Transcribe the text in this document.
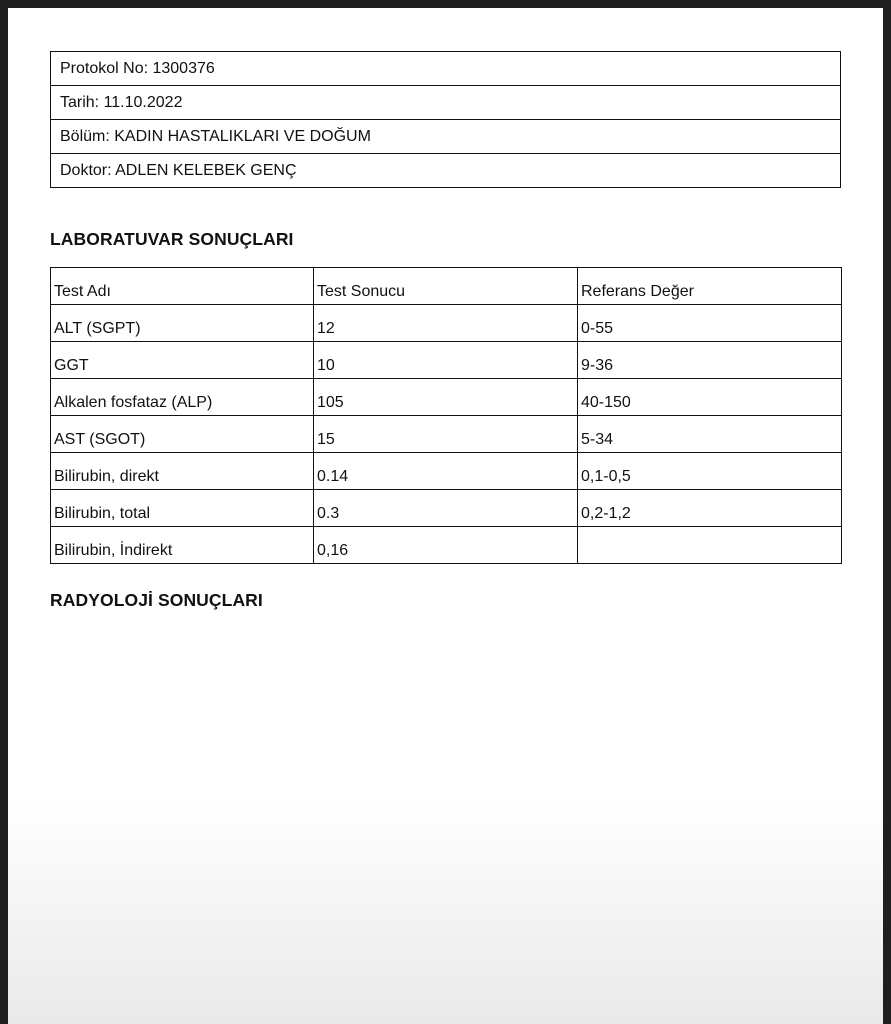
Protokol No: 1300376
Tarih: 11.10.2022
Bölüm: KADIN HASTALIKLARI VE DOĞUM
Doktor: ADLEN KELEBEK GENÇ
LABORATUVAR SONUÇLARI
Test Adı	Test Sonucu	Referans Değer
ALT (SGPT)	12	0-55
GGT	10	9-36
Alkalen fosfataz (ALP)	105	40-150
AST (SGOT)	15	5-34
Bilirubin, direkt	0.14	0,1-0,5
Bilirubin, total	0.3	0,2-1,2
Bilirubin, İndirekt	0,16	
RADYOLOJİ SONUÇLARI
